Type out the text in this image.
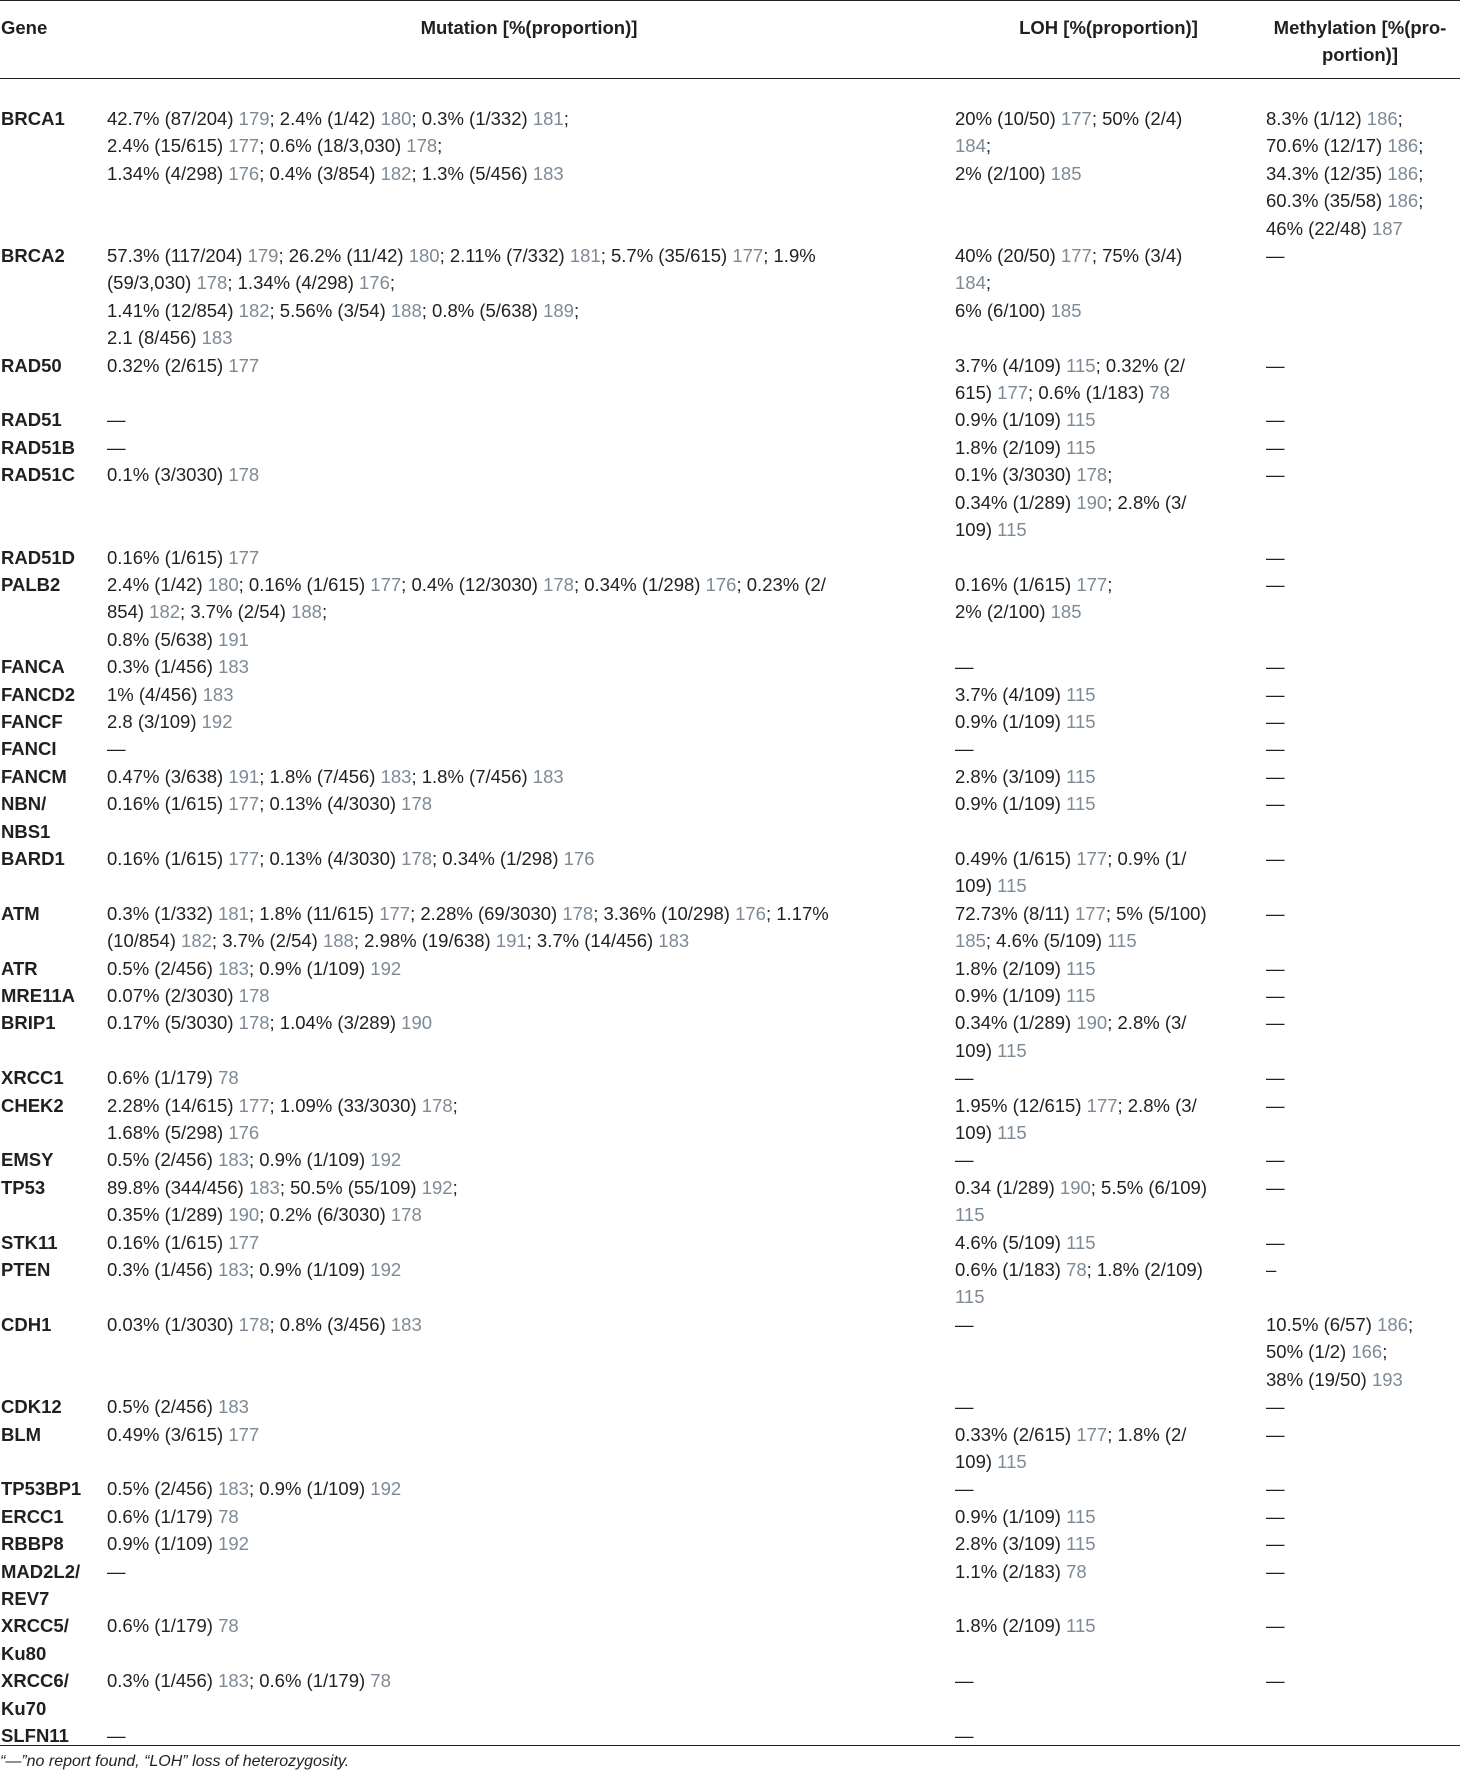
Gene	Mutation [%(proportion)]	LOH [%(proportion)]	Methylation [%(pro-
portion)]

BRCA1	42.7% (87/204) 179; 2.4% (1/42) 180; 0.3% (1/332) 181;
2.4% (15/615) 177; 0.6% (18/3,030) 178;
1.34% (4/298) 176; 0.4% (3/854) 182; 1.3% (5/456) 183	20% (10/50) 177; 50% (2/4)
184;
2% (2/100) 185	8.3% (1/12) 186;
70.6% (12/17) 186;
34.3% (12/35) 186;
60.3% (35/58) 186;
46% (22/48) 187

BRCA2	57.3% (117/204) 179; 26.2% (11/42) 180; 2.11% (7/332) 181; 5.7% (35/615) 177; 1.9%
(59/3,030) 178; 1.34% (4/298) 176;
1.41% (12/854) 182; 5.56% (3/54) 188; 0.8% (5/638) 189;
2.1 (8/456) 183	40% (20/50) 177; 75% (3/4)
184;
6% (6/100) 185	—

RAD50	0.32% (2/615) 177	3.7% (4/109) 115; 0.32% (2/
615) 177; 0.6% (1/183) 78	—

RAD51	—	0.9% (1/109) 115	—

RAD51B	—	1.8% (2/109) 115	—

RAD51C	0.1% (3/3030) 178	0.1% (3/3030) 178;
0.34% (1/289) 190; 2.8% (3/
109) 115	—

RAD51D	0.16% (1/615) 177		—

PALB2	2.4% (1/42) 180; 0.16% (1/615) 177; 0.4% (12/3030) 178; 0.34% (1/298) 176; 0.23% (2/
854) 182; 3.7% (2/54) 188;
0.8% (5/638) 191	0.16% (1/615) 177;
2% (2/100) 185	—

FANCA	0.3% (1/456) 183	—	—

FANCD2	1% (4/456) 183	3.7% (4/109) 115	—

FANCF	2.8 (3/109) 192	0.9% (1/109) 115	—

FANCI	—	—	—

FANCM	0.47% (3/638) 191; 1.8% (7/456) 183; 1.8% (7/456) 183	2.8% (3/109) 115	—

NBN/
NBS1	0.16% (1/615) 177; 0.13% (4/3030) 178	0.9% (1/109) 115	—

BARD1	0.16% (1/615) 177; 0.13% (4/3030) 178; 0.34% (1/298) 176	0.49% (1/615) 177; 0.9% (1/
109) 115	—

ATM	0.3% (1/332) 181; 1.8% (11/615) 177; 2.28% (69/3030) 178; 3.36% (10/298) 176; 1.17%
(10/854) 182; 3.7% (2/54) 188; 2.98% (19/638) 191; 3.7% (14/456) 183	72.73% (8/11) 177; 5% (5/100)
185; 4.6% (5/109) 115	—

ATR	0.5% (2/456) 183; 0.9% (1/109) 192	1.8% (2/109) 115	—

MRE11A	0.07% (2/3030) 178	0.9% (1/109) 115	—

BRIP1	0.17% (5/3030) 178; 1.04% (3/289) 190	0.34% (1/289) 190; 2.8% (3/
109) 115	—

XRCC1	0.6% (1/179) 78	—	—

CHEK2	2.28% (14/615) 177; 1.09% (33/3030) 178;
1.68% (5/298) 176	1.95% (12/615) 177; 2.8% (3/
109) 115	—

EMSY	0.5% (2/456) 183; 0.9% (1/109) 192	—	—

TP53	89.8% (344/456) 183; 50.5% (55/109) 192;
0.35% (1/289) 190; 0.2% (6/3030) 178	0.34 (1/289) 190; 5.5% (6/109)
115	—

STK11	0.16% (1/615) 177	4.6% (5/109) 115	—

PTEN	0.3% (1/456) 183; 0.9% (1/109) 192	0.6% (1/183) 78; 1.8% (2/109)
115	–

CDH1	0.03% (1/3030) 178; 0.8% (3/456) 183	—	10.5% (6/57) 186;
50% (1/2) 166;
38% (19/50) 193

CDK12	0.5% (2/456) 183	—	—

BLM	0.49% (3/615) 177	0.33% (2/615) 177; 1.8% (2/
109) 115	—

TP53BP1	0.5% (2/456) 183; 0.9% (1/109) 192	—	—

ERCC1	0.6% (1/179) 78	0.9% (1/109) 115	—

RBBP8	0.9% (1/109) 192	2.8% (3/109) 115	—

MAD2L2/
REV7	—	1.1% (2/183) 78	—

XRCC5/
Ku80	0.6% (1/179) 78	1.8% (2/109) 115	—

XRCC6/
Ku70	0.3% (1/456) 183; 0.6% (1/179) 78	—	—

SLFN11	—	—	

“—”no report found, “LOH” loss of heterozygosity.
